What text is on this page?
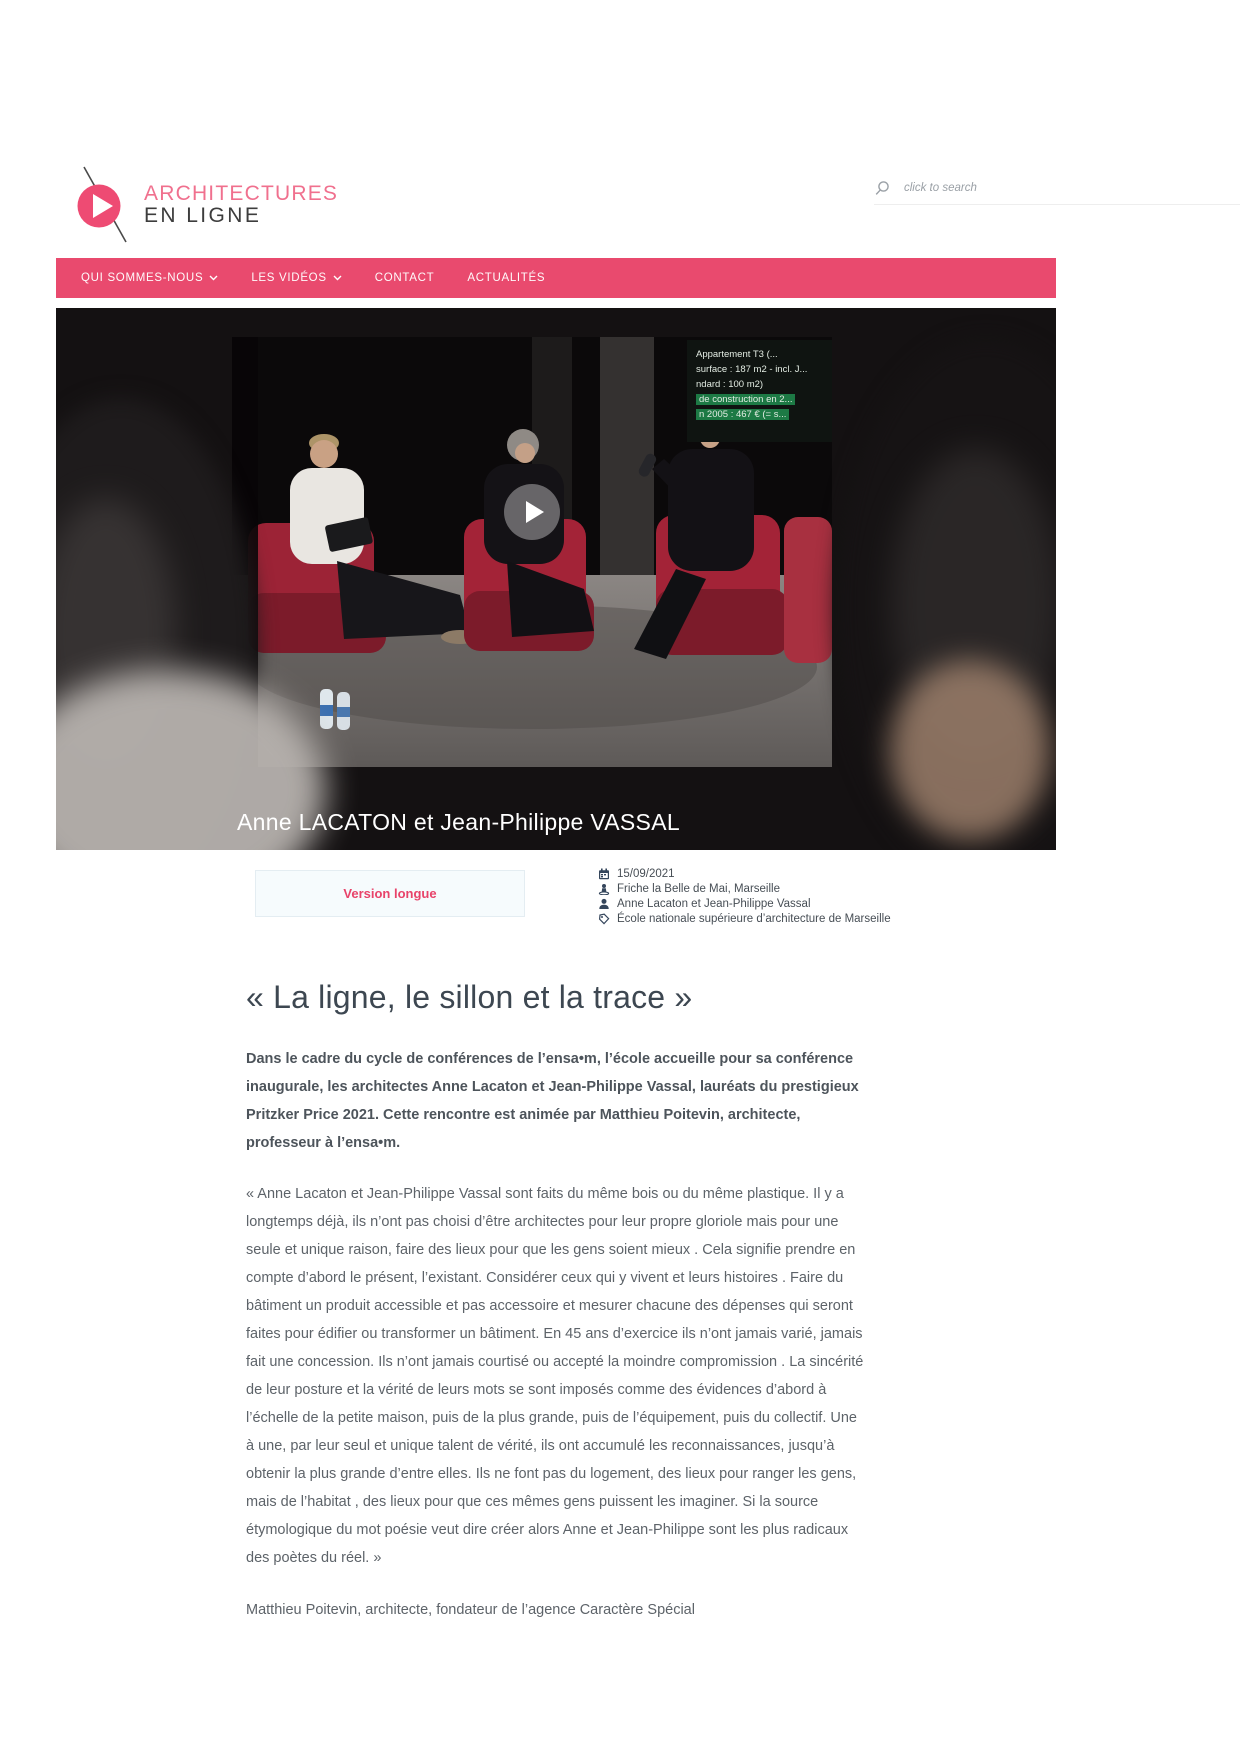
ARCHITECTURES
EN LIGNE
click to search
QUI SOMMES-NOUS	LES VIDÉOS	CONTACT	ACTUALITÉS
Appartement T3 (...
surface : 187 m2 - incl. J...
ndard : 100 m2)
de construction en 2...
n 2005 : 467 € (= s...
Anne LACATON et Jean-Philippe VASSAL
Version longue
15/09/2021
Friche la Belle de Mai, Marseille
Anne Lacaton et Jean-Philippe Vassal
École nationale supérieure d’architecture de Marseille
« La ligne, le sillon et la trace »

Dans le cadre du cycle de conférences de l’ensa•m, l’école accueille pour sa conférence inaugurale, les architectes Anne Lacaton et Jean-Philippe Vassal, lauréats du prestigieux Pritzker Price 2021. Cette rencontre est animée par Matthieu Poitevin, architecte, professeur à l’ensa•m.

« Anne Lacaton et Jean-Philippe Vassal sont faits du même bois ou du même plastique. Il y a longtemps déjà, ils n’ont pas choisi d’être architectes pour leur propre gloriole mais pour une seule et unique raison, faire des lieux pour que les gens soient mieux . Cela signifie prendre en compte d’abord le présent, l’existant. Considérer ceux qui y vivent et leurs histoires . Faire du bâtiment un produit accessible et pas accessoire et mesurer chacune des dépenses qui seront faites pour édifier ou transformer un bâtiment. En 45 ans d’exercice ils n’ont jamais varié, jamais fait une concession. Ils n’ont jamais courtisé ou accepté la moindre compromission . La sincérité de leur posture et la vérité de leurs mots se sont imposés comme des évidences d’abord à l’échelle de la petite maison, puis de la plus grande, puis de l’équipement, puis du collectif. Une à une, par leur seul et unique talent de vérité, ils ont accumulé les reconnaissances, jusqu’à obtenir la plus grande d’entre elles. Ils ne font pas du logement, des lieux pour ranger les gens, mais de l’habitat , des lieux pour que ces mêmes gens puissent les imaginer. Si la source étymologique du mot poésie veut dire créer alors Anne et Jean-Philippe sont les plus radicaux des poètes du réel. »

Matthieu Poitevin, architecte, fondateur de l’agence Caractère Spécial
